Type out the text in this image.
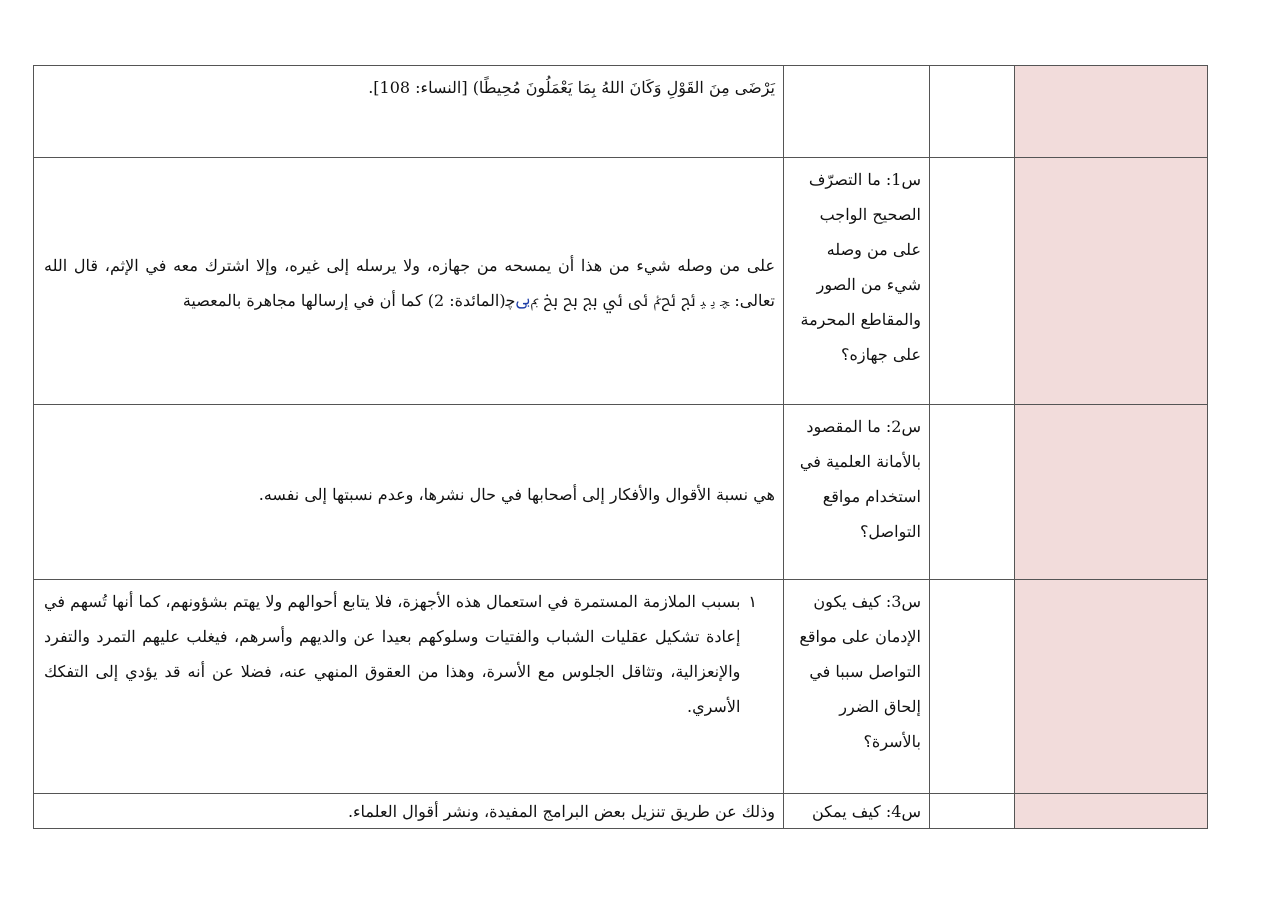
يَرْضَى مِنَ القَوْلِ وَكَانَ اللهُ بِمَا يَعْمَلُونَ مُحِيطًا) [النساء: 108].			

على من وصله شيء من هذا أن يمسحه من جهازه، ولا يرسله إلى غيره، وإلا اشترك معه في الإثم، قال الله تعالى: ﭽ ﯾ ﯿ ﰀ ﰁﰂ ﰃ ﰄ ﰅ ﰆ ﰇ ﰈﰉﭼ(المائدة: 2) كما أن في إرسالها مجاهرة بالمعصية	س1: ما التصرّف الصحيح الواجب على من وصله شيء من الصور والمقاطع المحرمة على جهازه؟		

هي نسبة الأقوال والأفكار إلى أصحابها في حال نشرها، وعدم نسبتها إلى نفسه.	س2: ما المقصود بالأمانة العلمية في استخدام مواقع التواصل؟		

١
بسبب الملازمة المستمرة في استعمال هذه الأجهزة، فلا يتابع أحوالهم ولا يهتم بشؤونهم، كما أنها تُسهم في إعادة تشكيل عقليات الشباب والفتيات وسلوكهم بعيدا عن والديهم وأسرهم، فيغلب عليهم التمرد والتفرد والإنعزالية، وتثاقل الجلوس مع الأسرة، وهذا من العقوق المنهي عنه، فضلا عن أنه قد يؤدي إلى التفكك الأسري.	س3: كيف يكون الإدمان على مواقع التواصل سببا في إلحاق الضرر بالأسرة؟		

وذلك عن طريق تنزيل بعض البرامج المفيدة، ونشر أقوال العلماء.	س4: كيف يمكن		
